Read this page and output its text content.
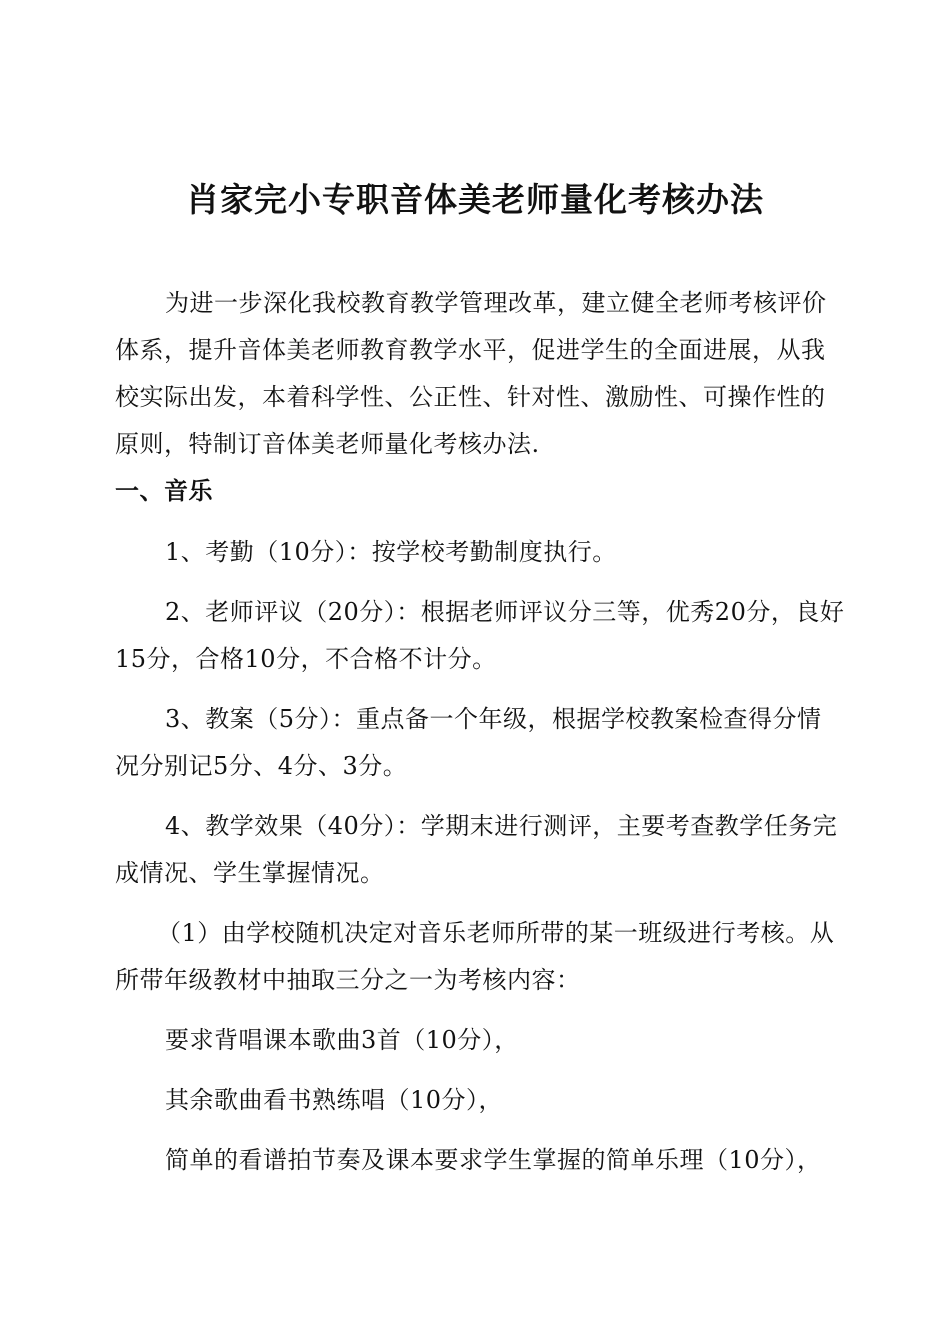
肖家完小专职音体美老师量化考核办法

为进一步深化我校教育教学管理改革，建立健全老师考核评价体系，提升音体美老师教育教学水平，促进学生的全面进展，从我校实际出发，本着科学性、公正性、针对性、激励性、可操作性的原则，特制订音体美老师量化考核办法.

一、音乐

1、考勤（10分）：按学校考勤制度执行。

2、老师评议（20分）：根据老师评议分三等，优秀20分，良好15分，合格10分，不合格不计分。

3、教案（5分）：重点备一个年级，根据学校教案检查得分情况分别记5分、4分、3分。

4、教学效果（40分）：学期末进行测评，主要考查教学任务完成情况、学生掌握情况。

（1）由学校随机决定对音乐老师所带的某一班级进行考核。从所带年级教材中抽取三分之一为考核内容：

要求背唱课本歌曲3首（10分），

其余歌曲看书熟练唱（10分），

简单的看谱拍节奏及课本要求学生掌握的简单乐理（10分），
